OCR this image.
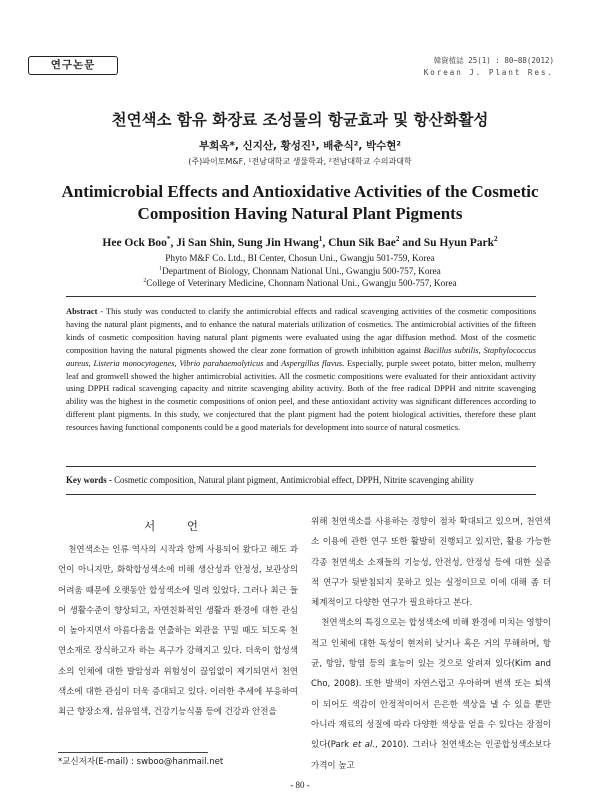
연구논문	韓資植誌 25(1) : 80~88(2012)
Korean J. Plant Res.
천연색소 함유 화장료 조성물의 항균효과 및 항산화활성
부희옥*, 신지산, 황성진¹, 배춘식², 박수현²
(주)파이토M&F, ¹전남대학교 생물학과, ²전남대학교 수의과대학
Antimicrobial Effects and Antioxidative Activities of the Cosmetic
Composition Having Natural Plant Pigments
Hee Ock Boo*, Ji San Shin, Sung Jin Hwang$^1$, Chun Sik Bae$^2$ and Su Hyun Park$^2$
Phyto M&F Co. Ltd., BI Center, Chosun Uni., Gwangju 501-759, Korea
$^1$Department of Biology, Chonnam National Uni., Gwangju 500-757, Korea
$^2$College of Veterinary Medicine, Chonnam National Uni., Gwangju 500-757, Korea
Abstract - This study was conducted to clarify the antimicrobial effects and radical scavenging activities of the cosmetic compositions having the natural plant pigments, and to enhance the natural materials utilization of cosmetics. The antimicrobial activities of the fifteen kinds of cosmetic composition having natural plant pigments were evaluated using the agar diffusion method. Most of the cosmetic composition having the natural pigments showed the clear zone formation of growth inhibition against Bacillus subtilis, Staphylococcus aureus, Listeria monocytogenes, Vibrio parahaemolyticus and Aspergillus flavus. Especially, purple sweet potato, bitter melon, mulberry leaf and gromwell showed the higher antimicrobial activities. All the cosmetic compositions were evaluated for their antioxidant activity using DPPH radical scavenging capacity and nitrite scavenging ability activity. Both of the free radical DPPH and nitrite scavenging ability was the highest in the cosmetic compositions of onion peel, and these antioxidant activity was significant differences according to different plant pigments. In this study, we conjectured that the plant pigment had the potent biological activities, therefore these plant resources having functional components could be a good materials for development into source of natural cosmetics.
Key words - Cosmetic composition, Natural plant pigment, Antimicrobial effect, DPPH, Nitrite scavenging ability
서 언
천연색소는 인류 역사의 시작과 함께 사용되어 왔다고 해도 과언이 아니지만, 화학합성색소에 비해 생산성과 안정성, 보관상의 어려움 때문에 오랫동안 합성색소에 밀려 있었다. 그러나 최근 들어 생활수준이 향상되고, 자연친화적인 생활과 환경에 대한 관심이 높아지면서 아름다움을 연출하는 외관을 꾸밀 때도 되도록 천연소재로 장식하고자 하는 욕구가 강해지고 있다. 더욱이 합성색소의 인체에 대한 발암성과 위험성이 끊임없이 제기되면서 천연색소에 대한 관심이 더욱 증대되고 있다. 이러한 추세에 부응하여 최근 향장소재, 섬유염색, 건강기능식품 등에 건강과 안전을

위해 천연색소를 사용하는 경향이 점차 확대되고 있으며, 천연색소 이용에 관한 연구 또한 활발히 진행되고 있지만, 활용 가능한 각종 천연색소 소재들의 기능성, 안전성, 안정성 등에 대한 실증적 연구가 뒷받침되지 못하고 있는 실정이므로 이에 대해 좀 더 체계적이고 다양한 연구가 필요하다고 본다.

천연색소의 특징으로는 합성색소에 비해 환경에 미치는 영향이 적고 인체에 대한 독성이 현저히 낮거나 혹은 거의 무해하며, 항균, 항암, 항염 등의 효능이 있는 것으로 알려져 있다(Kim and Cho, 2008). 또한 발색이 자연스럽고 우아하며 변색 또는 퇴색이 되어도 색감이 안정적이어서 은은한 색상을 낼 수 있을 뿐만 아니라 재료의 성질에 따라 다양한 색상을 얻을 수 있다는 장점이 있다(Park et al., 2010). 그러나 천연색소는 인공합성색소보다 가격이 높고

*교신저자(E-mail) : swboo@hanmail.net
- 80 -
